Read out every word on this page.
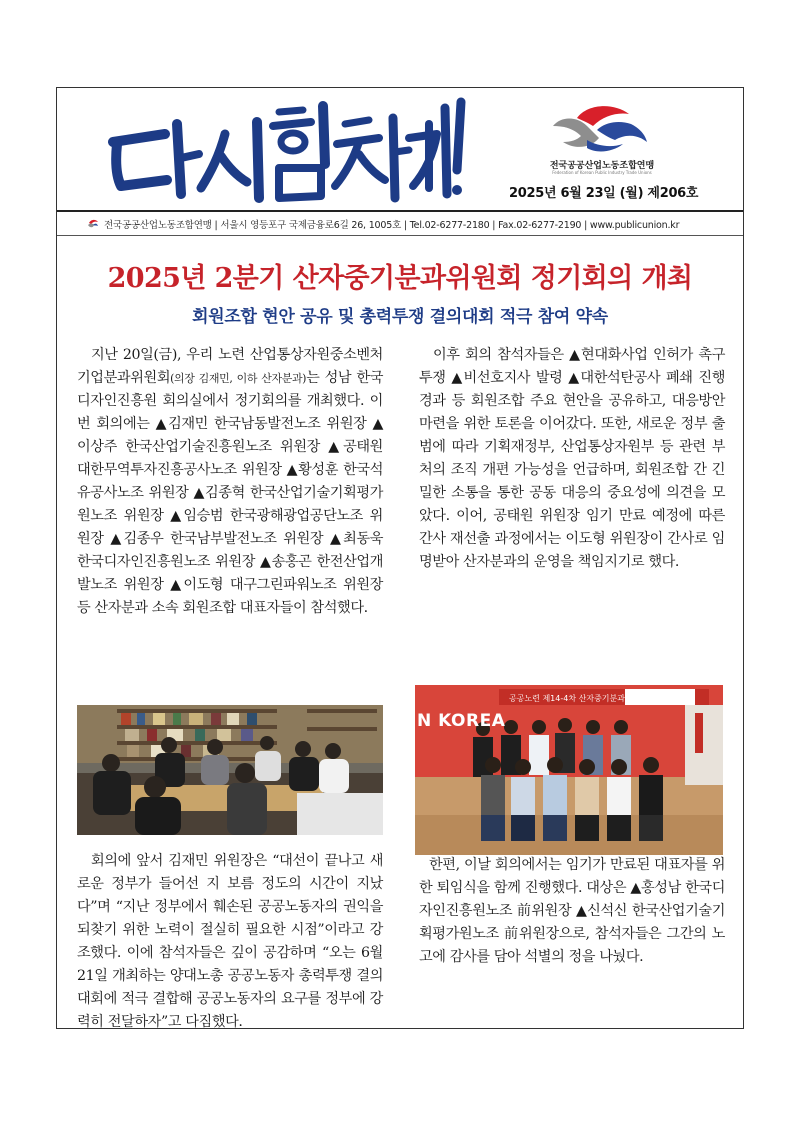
전국공공산업노동조합연맹
Federation of Korean Public Industry Trade Unions
2025년 6월 23일 (월) 제206호
전국공공산업노동조합연맹 | 서울시 영등포구 국제금융로6길 26, 1005호 | Tel.02-6277-2180 | Fax.02-6277-2190 | www.publicunion.kr
2025년 2분기 산자중기분과위원회 정기회의 개최
회원조합 현안 공유 및 총력투쟁 결의대회 적극 참여 약속

지난 20일(금), 우리 노련 산업통상자원중소벤처기업분과위원회(의장 김재민, 이하 산자분과)는 성남 한국디자인진흥원 회의실에서 정기회의를 개최했다. 이번 회의에는 ▲김재민 한국남동발전노조 위원장 ▲이상주 한국산업기술진흥원노조 위원장 ▲공태원 대한무역투자진흥공사노조 위원장 ▲황성훈 한국석유공사노조 위원장 ▲김종혁 한국산업기술기획평가원노조 위원장 ▲임승범 한국광해광업공단노조 위원장 ▲김종우 한국남부발전노조 위원장 ▲최동욱 한국디자인진흥원노조 위원장 ▲송홍곤 한전산업개발노조 위원장 ▲이도형 대구그린파워노조 위원장 등 산자분과 소속 회원조합 대표자들이 참석했다.

회의에 앞서 김재민 위원장은 “대선이 끝나고 새로운 정부가 들어선 지 보름 정도의 시간이 지났다”며 “지난 정부에서 훼손된 공공노동자의 권익을 되찾기 위한 노력이 절실히 필요한 시점”이라고 강조했다. 이에 참석자들은 깊이 공감하며 “오는 6월 21일 개최하는 양대노총 공공노동자 총력투쟁 결의대회에 적극 결합해 공공노동자의 요구를 정부에 강력히 전달하자”고 다짐했다.

이후 회의 참석자들은 ▲현대화사업 인허가 촉구 투쟁 ▲비선호지사 발령 ▲대한석탄공사 폐쇄 진행경과 등 회원조합 주요 현안을 공유하고, 대응방안 마련을 위한 토론을 이어갔다. 또한, 새로운 정부 출범에 따라 기획재정부, 산업통상자원부 등 관련 부처의 조직 개편 가능성을 언급하며, 회원조합 간 긴밀한 소통을 통한 공동 대응의 중요성에 의견을 모았다. 이어, 공태원 위원장 임기 만료 예정에 따른 간사 재선출 과정에서는 이도형 위원장이 간사로 임명받아 산자분과의 운영을 책임지기로 했다.

공공노련 제14-4차 산자중기분과위원회 정기회의
N KOREA

한편, 이날 회의에서는 임기가 만료된 대표자를 위한 퇴임식을 함께 진행했다. 대상은 ▲홍성남 한국디자인진흥원노조 前위원장 ▲신석신 한국산업기술기획평가원노조 前위원장으로, 참석자들은 그간의 노고에 감사를 담아 석별의 정을 나눴다.
